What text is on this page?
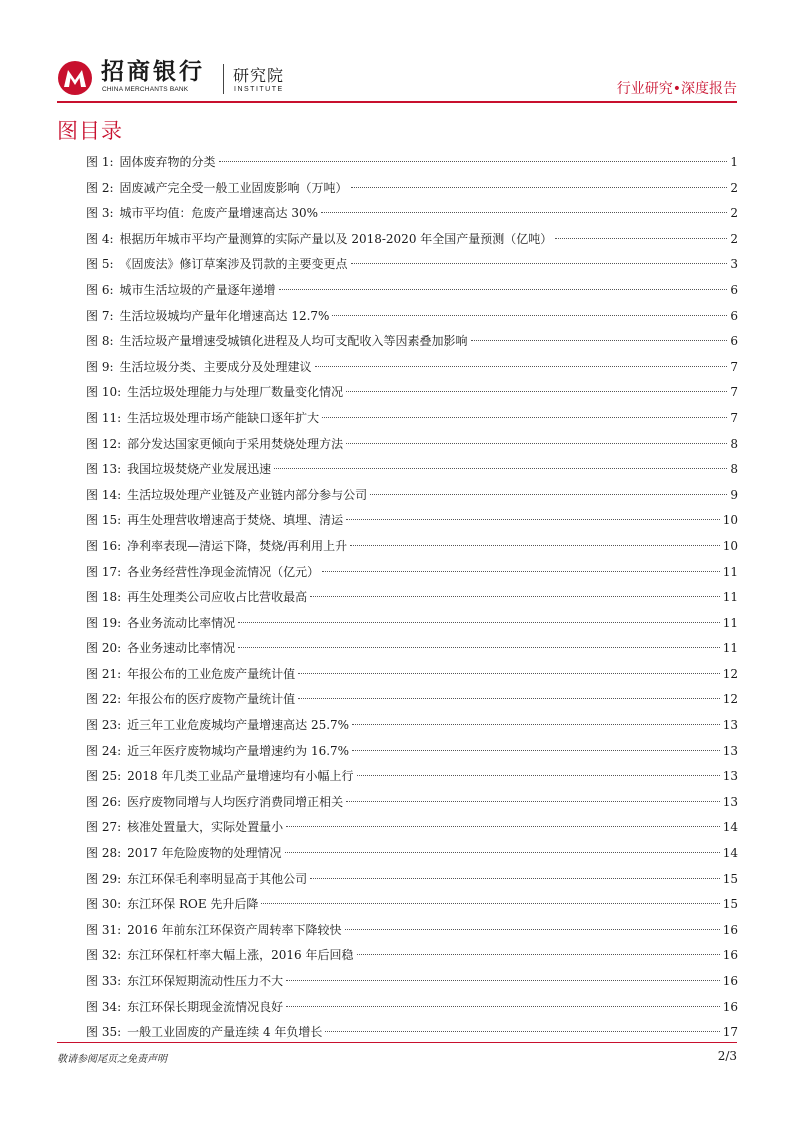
招商银行
CHINA MERCHANTS BANK
研究院
INSTITUTE	行业研究•深度报告
图目录
图 1: 固体废弃物的分类	1
图 2: 固废减产完全受一般工业固废影响（万吨）	2
图 3: 城市平均值：危废产量增速高达 30%	2
图 4: 根据历年城市平均产量测算的实际产量以及 2018-2020 年全国产量预测（亿吨）	2
图 5: 《固废法》修订草案涉及罚款的主要变更点	3
图 6: 城市生活垃圾的产量逐年递增	6
图 7: 生活垃圾城均产量年化增速高达 12.7%	6
图 8: 生活垃圾产量增速受城镇化进程及人均可支配收入等因素叠加影响	6
图 9: 生活垃圾分类、主要成分及处理建议	7
图 10: 生活垃圾处理能力与处理厂数量变化情况	7
图 11: 生活垃圾处理市场产能缺口逐年扩大	7
图 12: 部分发达国家更倾向于采用焚烧处理方法	8
图 13: 我国垃圾焚烧产业发展迅速	8
图 14: 生活垃圾处理产业链及产业链内部分参与公司	9
图 15: 再生处理营收增速高于焚烧、填埋、清运	10
图 16: 净利率表现—清运下降，焚烧/再利用上升	10
图 17: 各业务经营性净现金流情况（亿元）	11
图 18: 再生处理类公司应收占比营收最高	11
图 19: 各业务流动比率情况	11
图 20: 各业务速动比率情况	11
图 21: 年报公布的工业危废产量统计值	12
图 22: 年报公布的医疗废物产量统计值	12
图 23: 近三年工业危废城均产量增速高达 25.7%	13
图 24: 近三年医疗废物城均产量增速约为 16.7%	13
图 25: 2018 年几类工业品产量增速均有小幅上行	13
图 26: 医疗废物同增与人均医疗消费同增正相关	13
图 27: 核准处置量大，实际处置量小	14
图 28: 2017 年危险废物的处理情况	14
图 29: 东江环保毛利率明显高于其他公司	15
图 30: 东江环保 ROE 先升后降	15
图 31: 2016 年前东江环保资产周转率下降较快	16
图 32: 东江环保杠杆率大幅上涨，2016 年后回稳	16
图 33: 东江环保短期流动性压力不大	16
图 34: 东江环保长期现金流情况良好	16
图 35: 一般工业固废的产量连续 4 年负增长	17
敬请参阅尾页之免责声明	2/3
